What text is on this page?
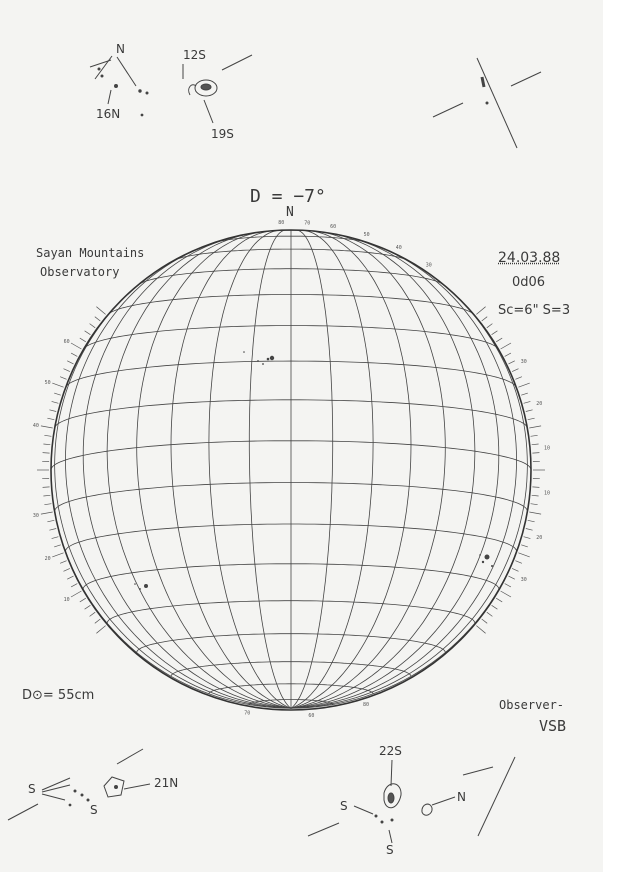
80	70
60
50
40
30
60
50
40
30
20
10
30
20
10
10
20
30
70	60
80
D = −7°
N
Sayan Mountains
Observatory
24.03.88
0d06
Sc=6" S=3
D⊙= 55cm
Observer-
VSB
N	12S
16N
19S
S
S
21N
22S
S
S
N
